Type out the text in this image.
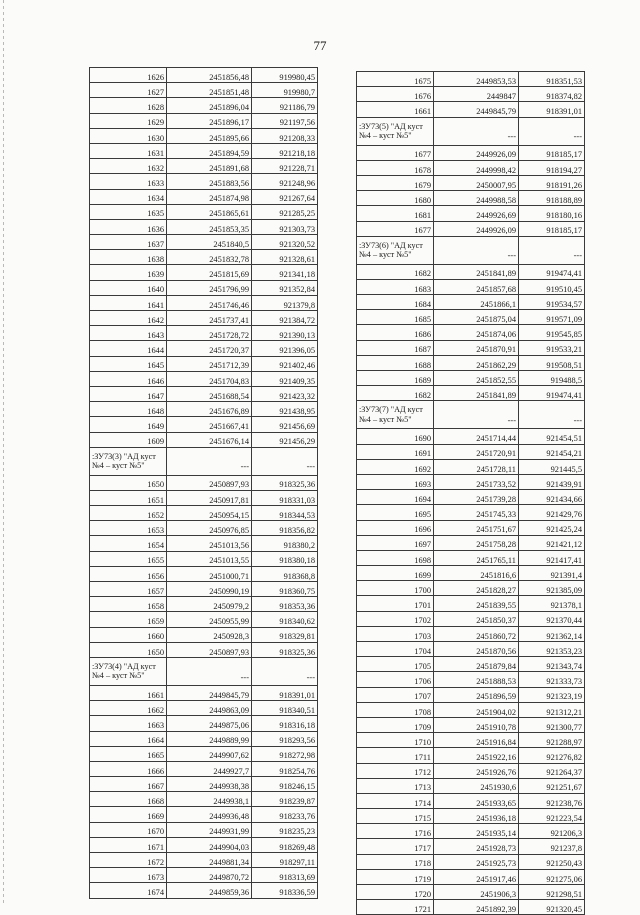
77
1626	2451856,48	919980,45
1627	2451851,48	919980,7
1628	2451896,04	921186,79
1629	2451896,17	921197,56
1630	2451895,66	921208,33
1631	2451894,59	921218,18
1632	2451891,68	921228,71
1633	2451883,56	921248,96
1634	2451874,98	921267,64
1635	2451865,61	921285,25
1636	2451853,35	921303,73
1637	2451840,5	921320,52
1638	2451832,78	921328,61
1639	2451815,69	921341,18
1640	2451796,99	921352,84
1641	2451746,46	921379,8
1642	2451737,41	921384,72
1643	2451728,72	921390,13
1644	2451720,37	921396,05
1645	2451712,39	921402,46
1646	2451704,83	921409,35
1647	2451688,54	921423,32
1648	2451676,89	921438,95
1649	2451667,41	921456,69
1609	2451676,14	921456,29
:ЗУ73(3) "АД куст №4 – куст №5"	---	---
1650	2450897,93	918325,36
1651	2450917,81	918331,03
1652	2450954,15	918344,53
1653	2450976,85	918356,82
1654	2451013,56	918380,2
1655	2451013,55	918380,18
1656	2451000,71	918368,8
1657	2450990,19	918360,75
1658	2450979,2	918353,36
1659	2450955,99	918340,62
1660	2450928,3	918329,81
1650	2450897,93	918325,36
:ЗУ73(4) "АД куст №4 – куст №5"	---	---
1661	2449845,79	918391,01
1662	2449863,09	918340,51
1663	2449875,06	918316,18
1664	2449889,99	918293,56
1665	2449907,62	918272,98
1666	2449927,7	918254,76
1667	2449938,38	918246,15
1668	2449938,1	918239,87
1669	2449936,48	918233,76
1670	2449931,99	918235,23
1671	2449904,03	918269,48
1672	2449881,34	918297,11
1673	2449870,72	918313,69
1674	2449859,36	918336,59
1675	2449853,53	918351,53
1676	2449847	918374,82
1661	2449845,79	918391,01
:ЗУ73(5) "АД куст №4 – куст №5"	---	---
1677	2449926,09	918185,17
1678	2449998,42	918194,27
1679	2450007,95	918191,26
1680	2449988,58	918188,89
1681	2449926,69	918180,16
1677	2449926,09	918185,17
:ЗУ73(6) "АД куст №4 – куст №5"	---	---
1682	2451841,89	919474,41
1683	2451857,68	919510,45
1684	2451866,1	919534,57
1685	2451875,04	919571,09
1686	2451874,06	919545,85
1687	2451870,91	919533,21
1688	2451862,29	919508,51
1689	2451852,55	919488,5
1682	2451841,89	919474,41
:ЗУ73(7) "АД куст №4 – куст №5"	---	---
1690	2451714,44	921454,51
1691	2451720,91	921454,21
1692	2451728,11	921445,5
1693	2451733,52	921439,91
1694	2451739,28	921434,66
1695	2451745,33	921429,76
1696	2451751,67	921425,24
1697	2451758,28	921421,12
1698	2451765,11	921417,41
1699	2451816,6	921391,4
1700	2451828,27	921385,09
1701	2451839,55	921378,1
1702	2451850,37	921370,44
1703	2451860,72	921362,14
1704	2451870,56	921353,23
1705	2451879,84	921343,74
1706	2451888,53	921333,73
1707	2451896,59	921323,19
1708	2451904,02	921312,21
1709	2451910,78	921300,77
1710	2451916,84	921288,97
1711	2451922,16	921276,82
1712	2451926,76	921264,37
1713	2451930,6	921251,67
1714	2451933,65	921238,76
1715	2451936,18	921223,54
1716	2451935,14	921206,3
1717	2451928,73	921237,8
1718	2451925,73	921250,43
1719	2451917,46	921275,06
1720	2451906,3	921298,51
1721	2451892,39	921320,45
